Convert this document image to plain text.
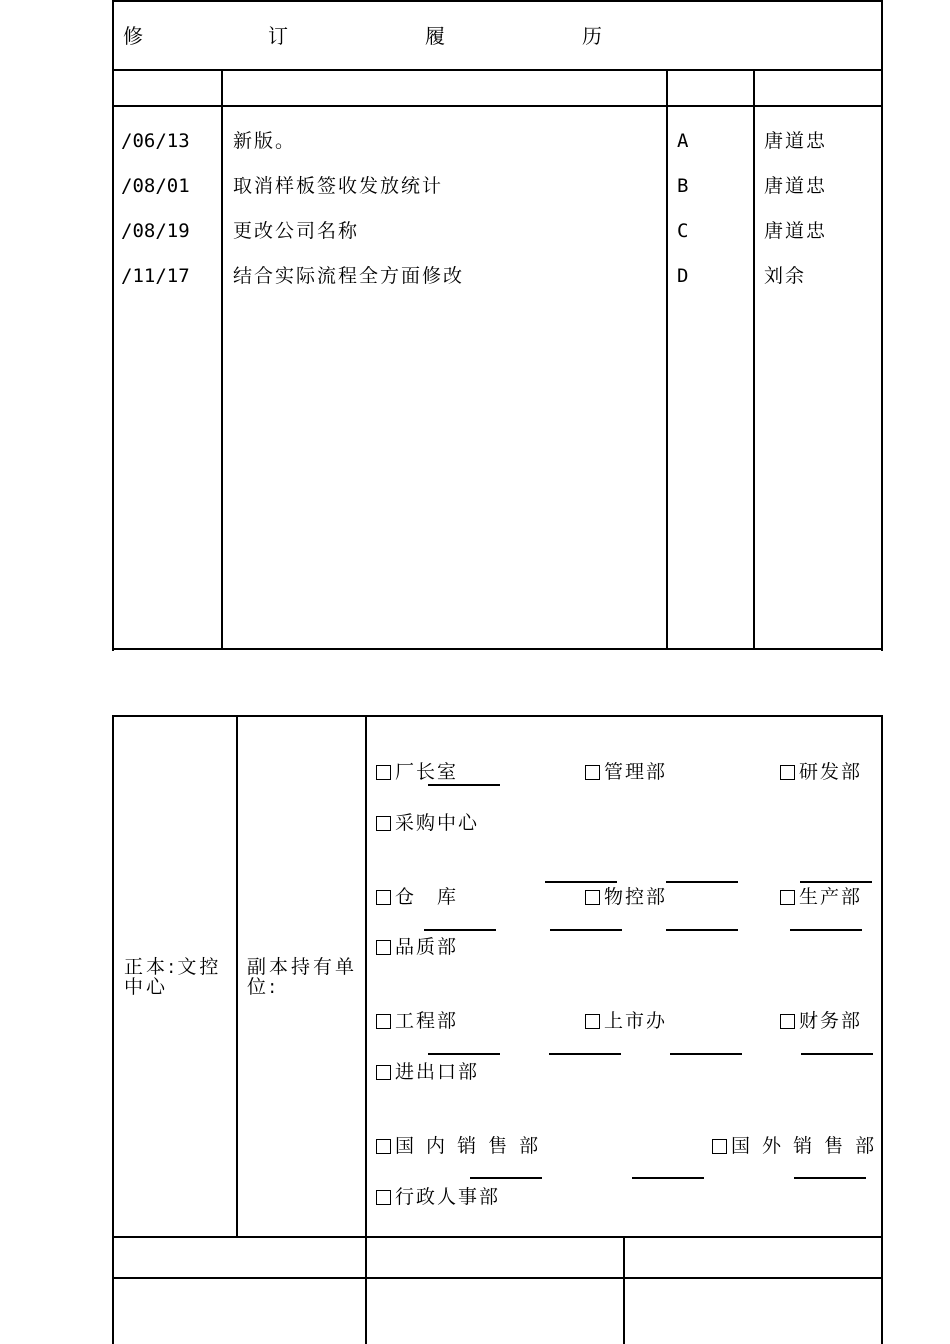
修	订	履	历
/06/13 新版。	A	唐道忠
/08/01 取消样板签收发放统计	B	唐道忠
/08/19 更改公司名称	C	唐道忠
/11/17 结合实际流程全方面修改	D	刘余
正本:文控中心
副本持有单位:
厂长室	管理部	研发部
采购中心
仓　库	物控部	生产部
品质部
工程部	上市办	财务部
进出口部
国 内 销 售 部	国 外 销 售 部
行政人事部
